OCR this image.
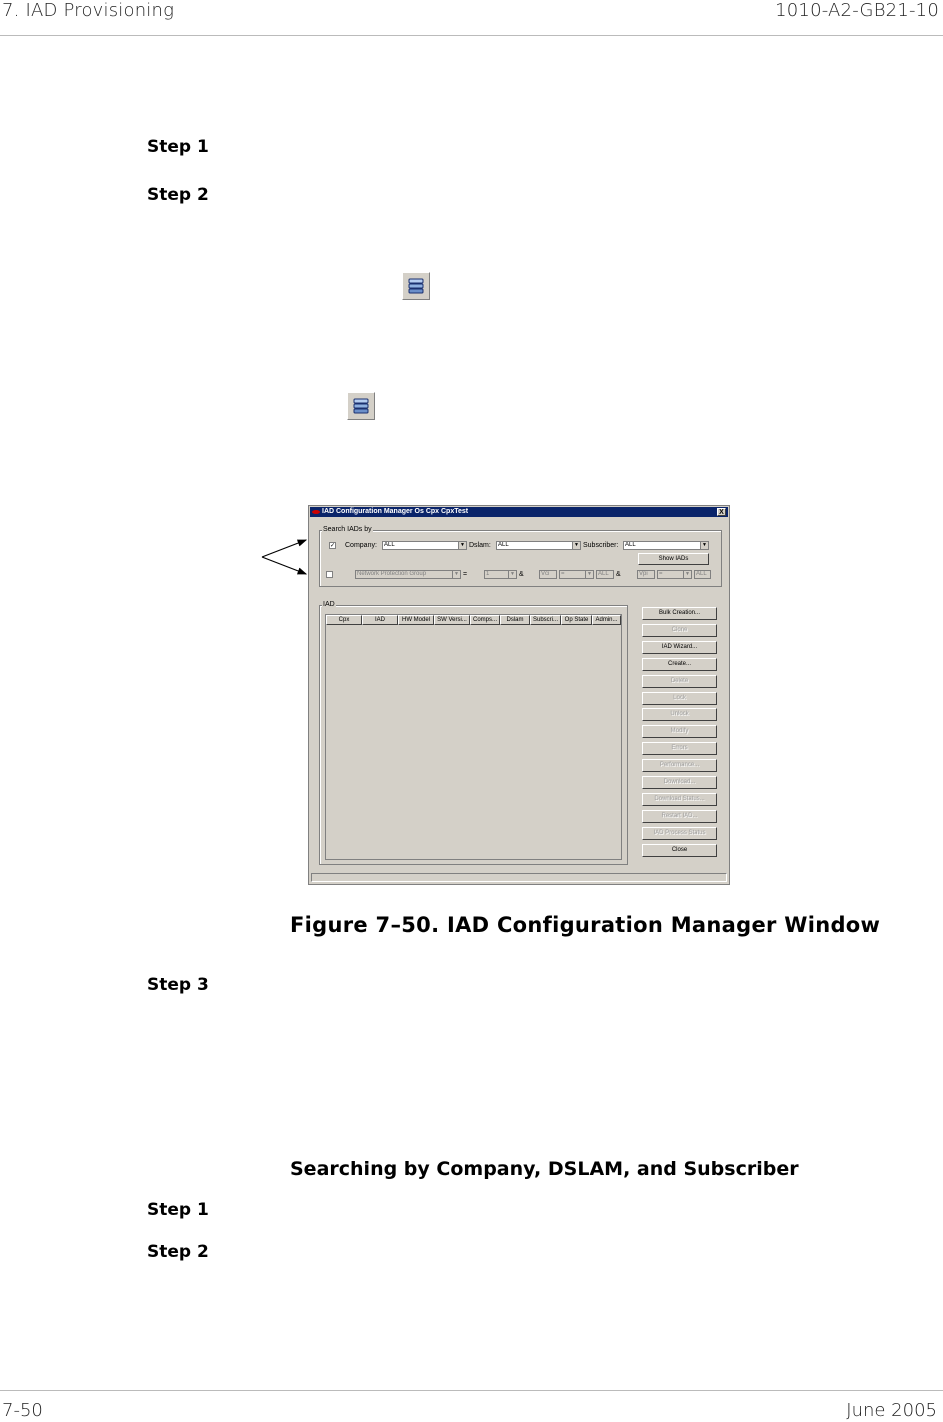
7. IAD Provisioning	1010-A2-GB21-10
Step 1
Step 2
IAD Configuration Manager Os Cpx CpxTest	X
Search IADs by
✓ Company:	ALL	▼ Dslam:	ALL	▼ Subscriber:	ALL	▼
Show IADs
Network Protection Group	▼ =	1	▼ &	Vci	=	▼	ALL	&	Vpi	=	▼	ALL
IAD
Cpx	IAD	HW Model	SW Versi...	Comps...	Dslam	Subscri...	Op State	Admin...
Bulk Creation...
Clone
IAD Wizard...
Create...
Delete
Lock
Unlock
Modify
Errors
Performance...
Download...
Download Status...
Restart IAD...
IAD Process Status
Close
Figure 7–50. IAD Configuration Manager Window
Step 3
Searching by Company, DSLAM, and Subscriber
Step 1
Step 2
7-50	June 2005
